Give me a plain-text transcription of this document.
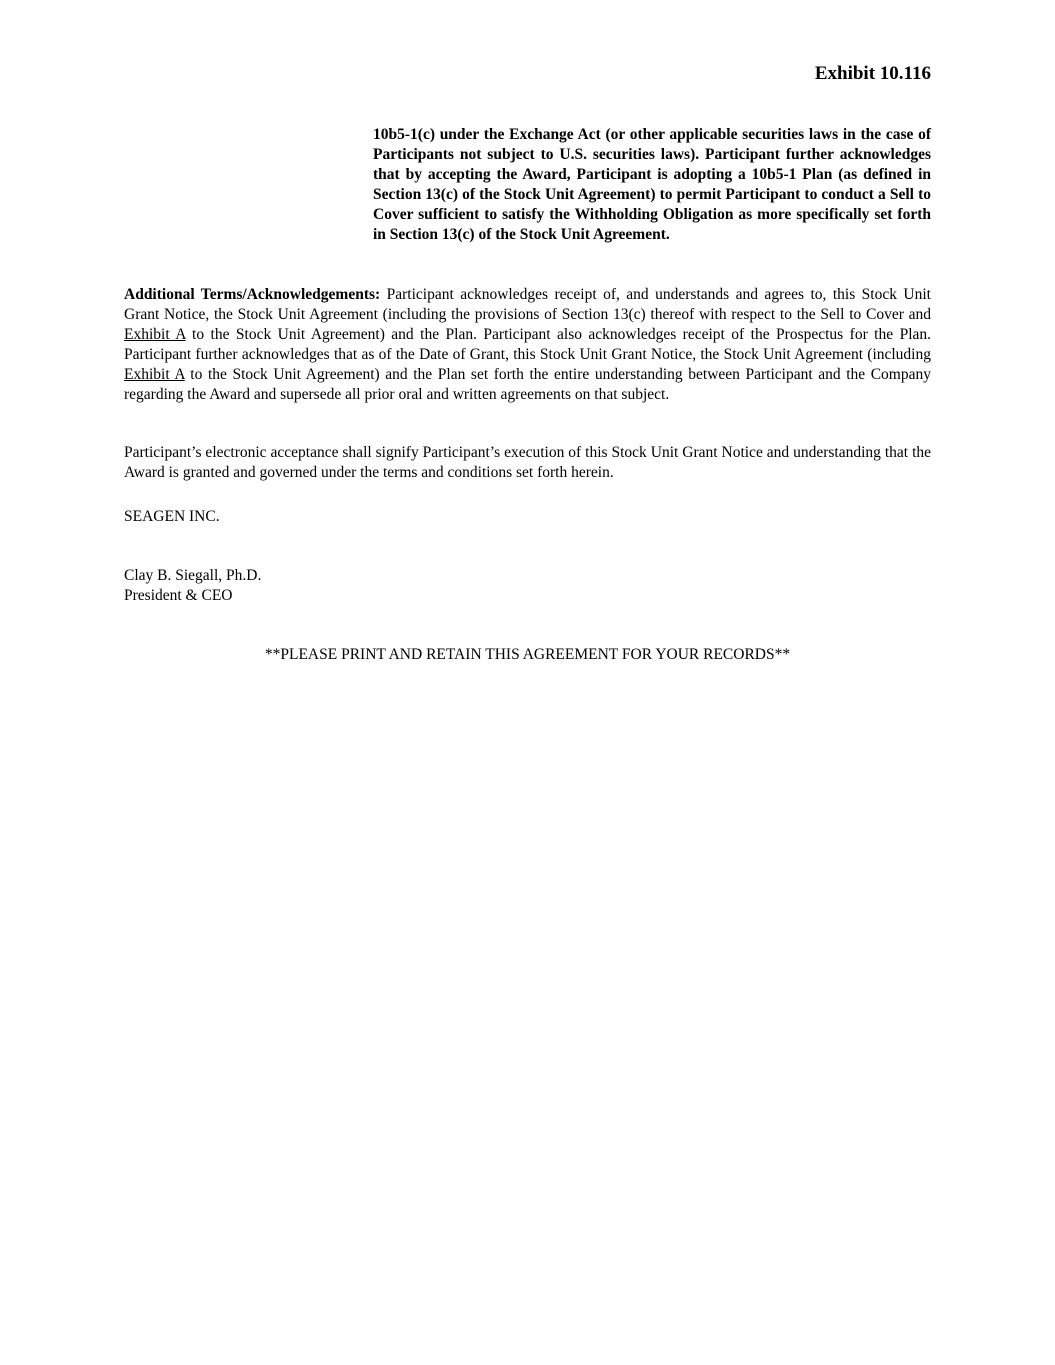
Exhibit 10.116

10b5-1(c) under the Exchange Act (or other applicable securities laws in the case of Participants not subject to U.S. securities laws). Participant further acknowledges that by accepting the Award, Participant is adopting a 10b5-1 Plan (as defined in Section 13(c) of the Stock Unit Agreement) to permit Participant to conduct a Sell to Cover sufficient to satisfy the Withholding Obligation as more specifically set forth in Section 13(c) of the Stock Unit Agreement.

Additional Terms/Acknowledgements: Participant acknowledges receipt of, and understands and agrees to, this Stock Unit Grant Notice, the Stock Unit Agreement (including the provisions of Section 13(c) thereof with respect to the Sell to Cover and Exhibit A to the Stock Unit Agreement) and the Plan. Participant also acknowledges receipt of the Prospectus for the Plan. Participant further acknowledges that as of the Date of Grant, this Stock Unit Grant Notice, the Stock Unit Agreement (including Exhibit A to the Stock Unit Agreement) and the Plan set forth the entire understanding between Participant and the Company regarding the Award and supersede all prior oral and written agreements on that subject.

Participant’s electronic acceptance shall signify Participant’s execution of this Stock Unit Grant Notice and understanding that the Award is granted and governed under the terms and conditions set forth herein.

SEAGEN INC.

Clay B. Siegall, Ph.D.
President & CEO

**PLEASE PRINT AND RETAIN THIS AGREEMENT FOR YOUR RECORDS**
